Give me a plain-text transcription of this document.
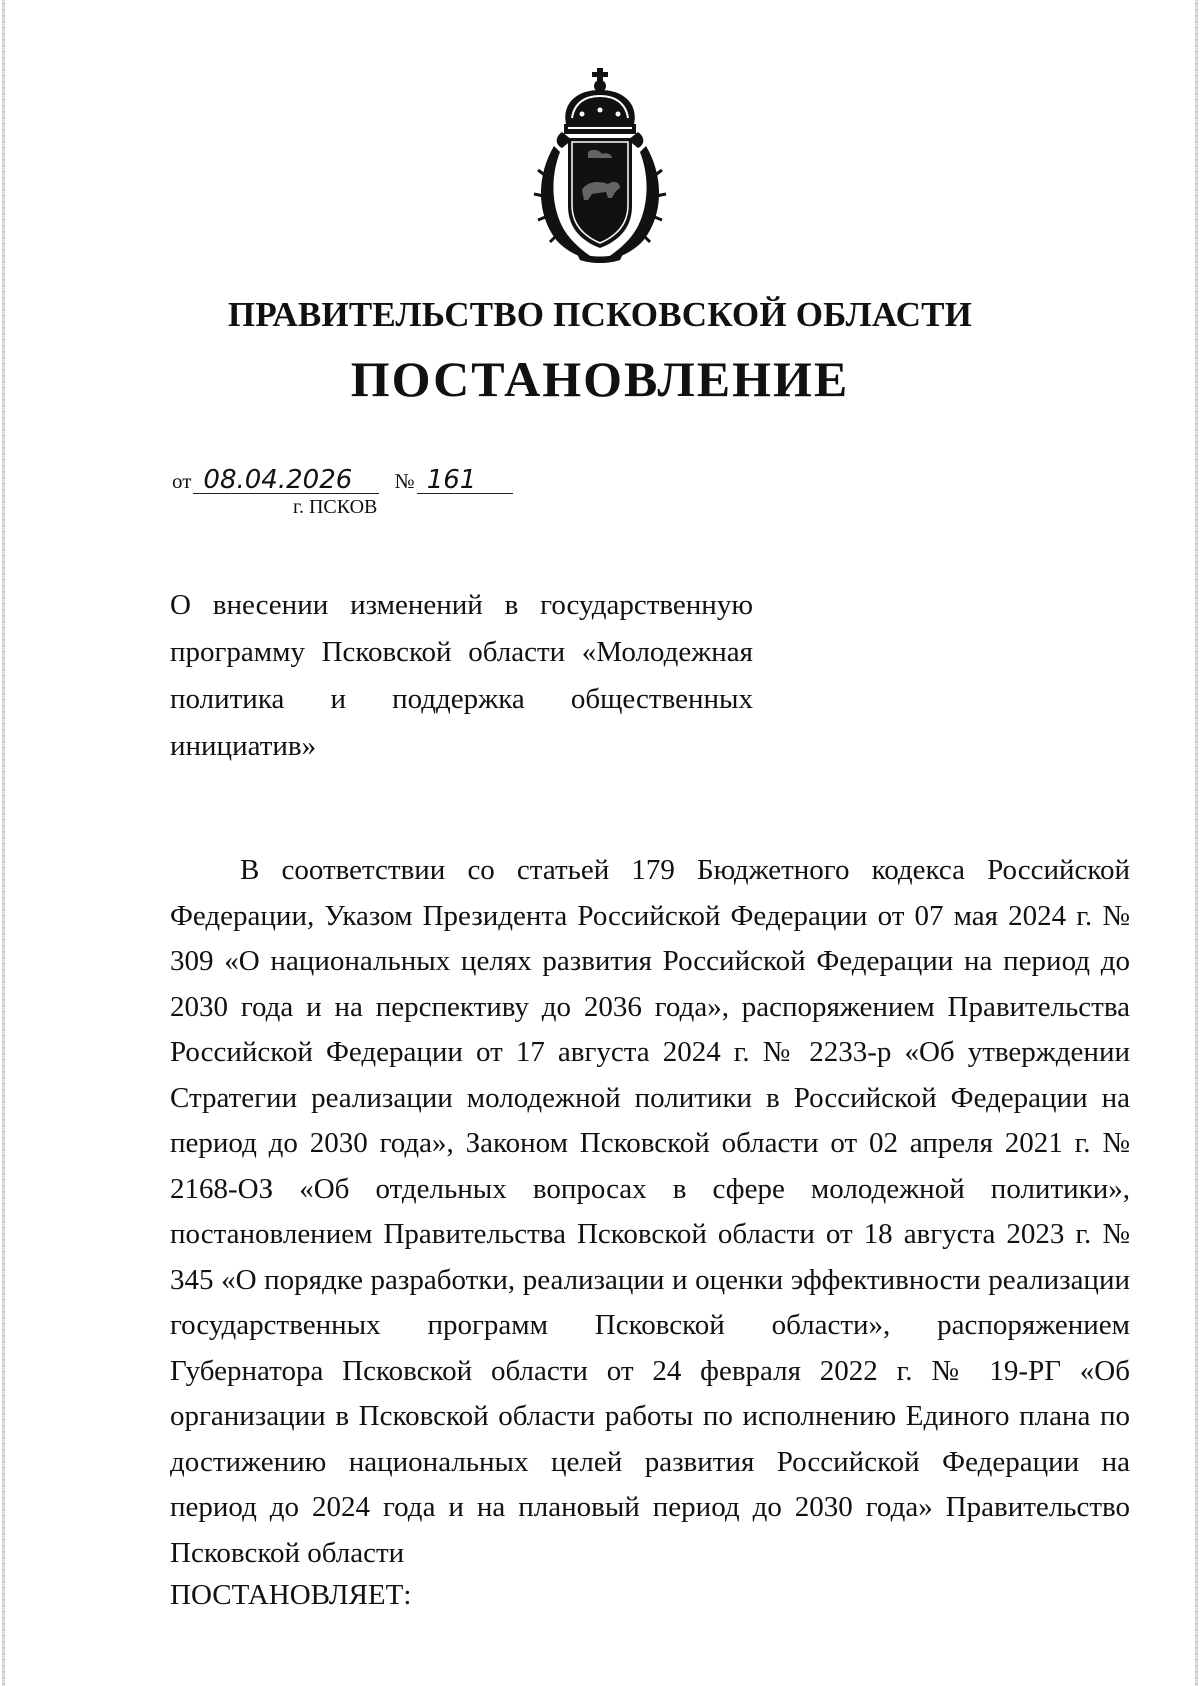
ПРАВИТЕЛЬСТВО ПСКОВСКОЙ ОБЛАСТИ
ПОСТАНОВЛЕНИЕ
от 08.04.2026 № 161
г. ПСКОВ
О внесении изменений в государственную программу Псковской области «Молодежная политика и поддержка общественных инициатив»

В соответствии со статьей 179 Бюджетного кодекса Российской Федерации, Указом Президента Российской Федерации от 07 мая 2024 г. № 309 «О национальных целях развития Российской Федерации на период до 2030 года и на перспективу до 2036 года», распоряжением Правительства Российской Федерации от 17 августа 2024 г. № 2233-р «Об утверждении Стратегии реализации молодежной политики в Российской Федерации на период до 2030 года», Законом Псковской области от 02 апреля 2021 г. № 2168-ОЗ «Об отдельных вопросах в сфере молодежной политики», постановлением Правительства Псковской области от 18 августа 2023 г. № 345 «О порядке разработки, реализации и оценки эффективности реализации государственных программ Псковской области», распоряжением Губернатора Псковской области от 24 февраля 2022 г. № 19-РГ «Об организации в Псковской области работы по исполнению Единого плана по достижению национальных целей развития Российской Федерации на период до 2024 года и на плановый период до 2030 года» Правительство Псковской области

ПОСТАНОВЛЯЕТ:
